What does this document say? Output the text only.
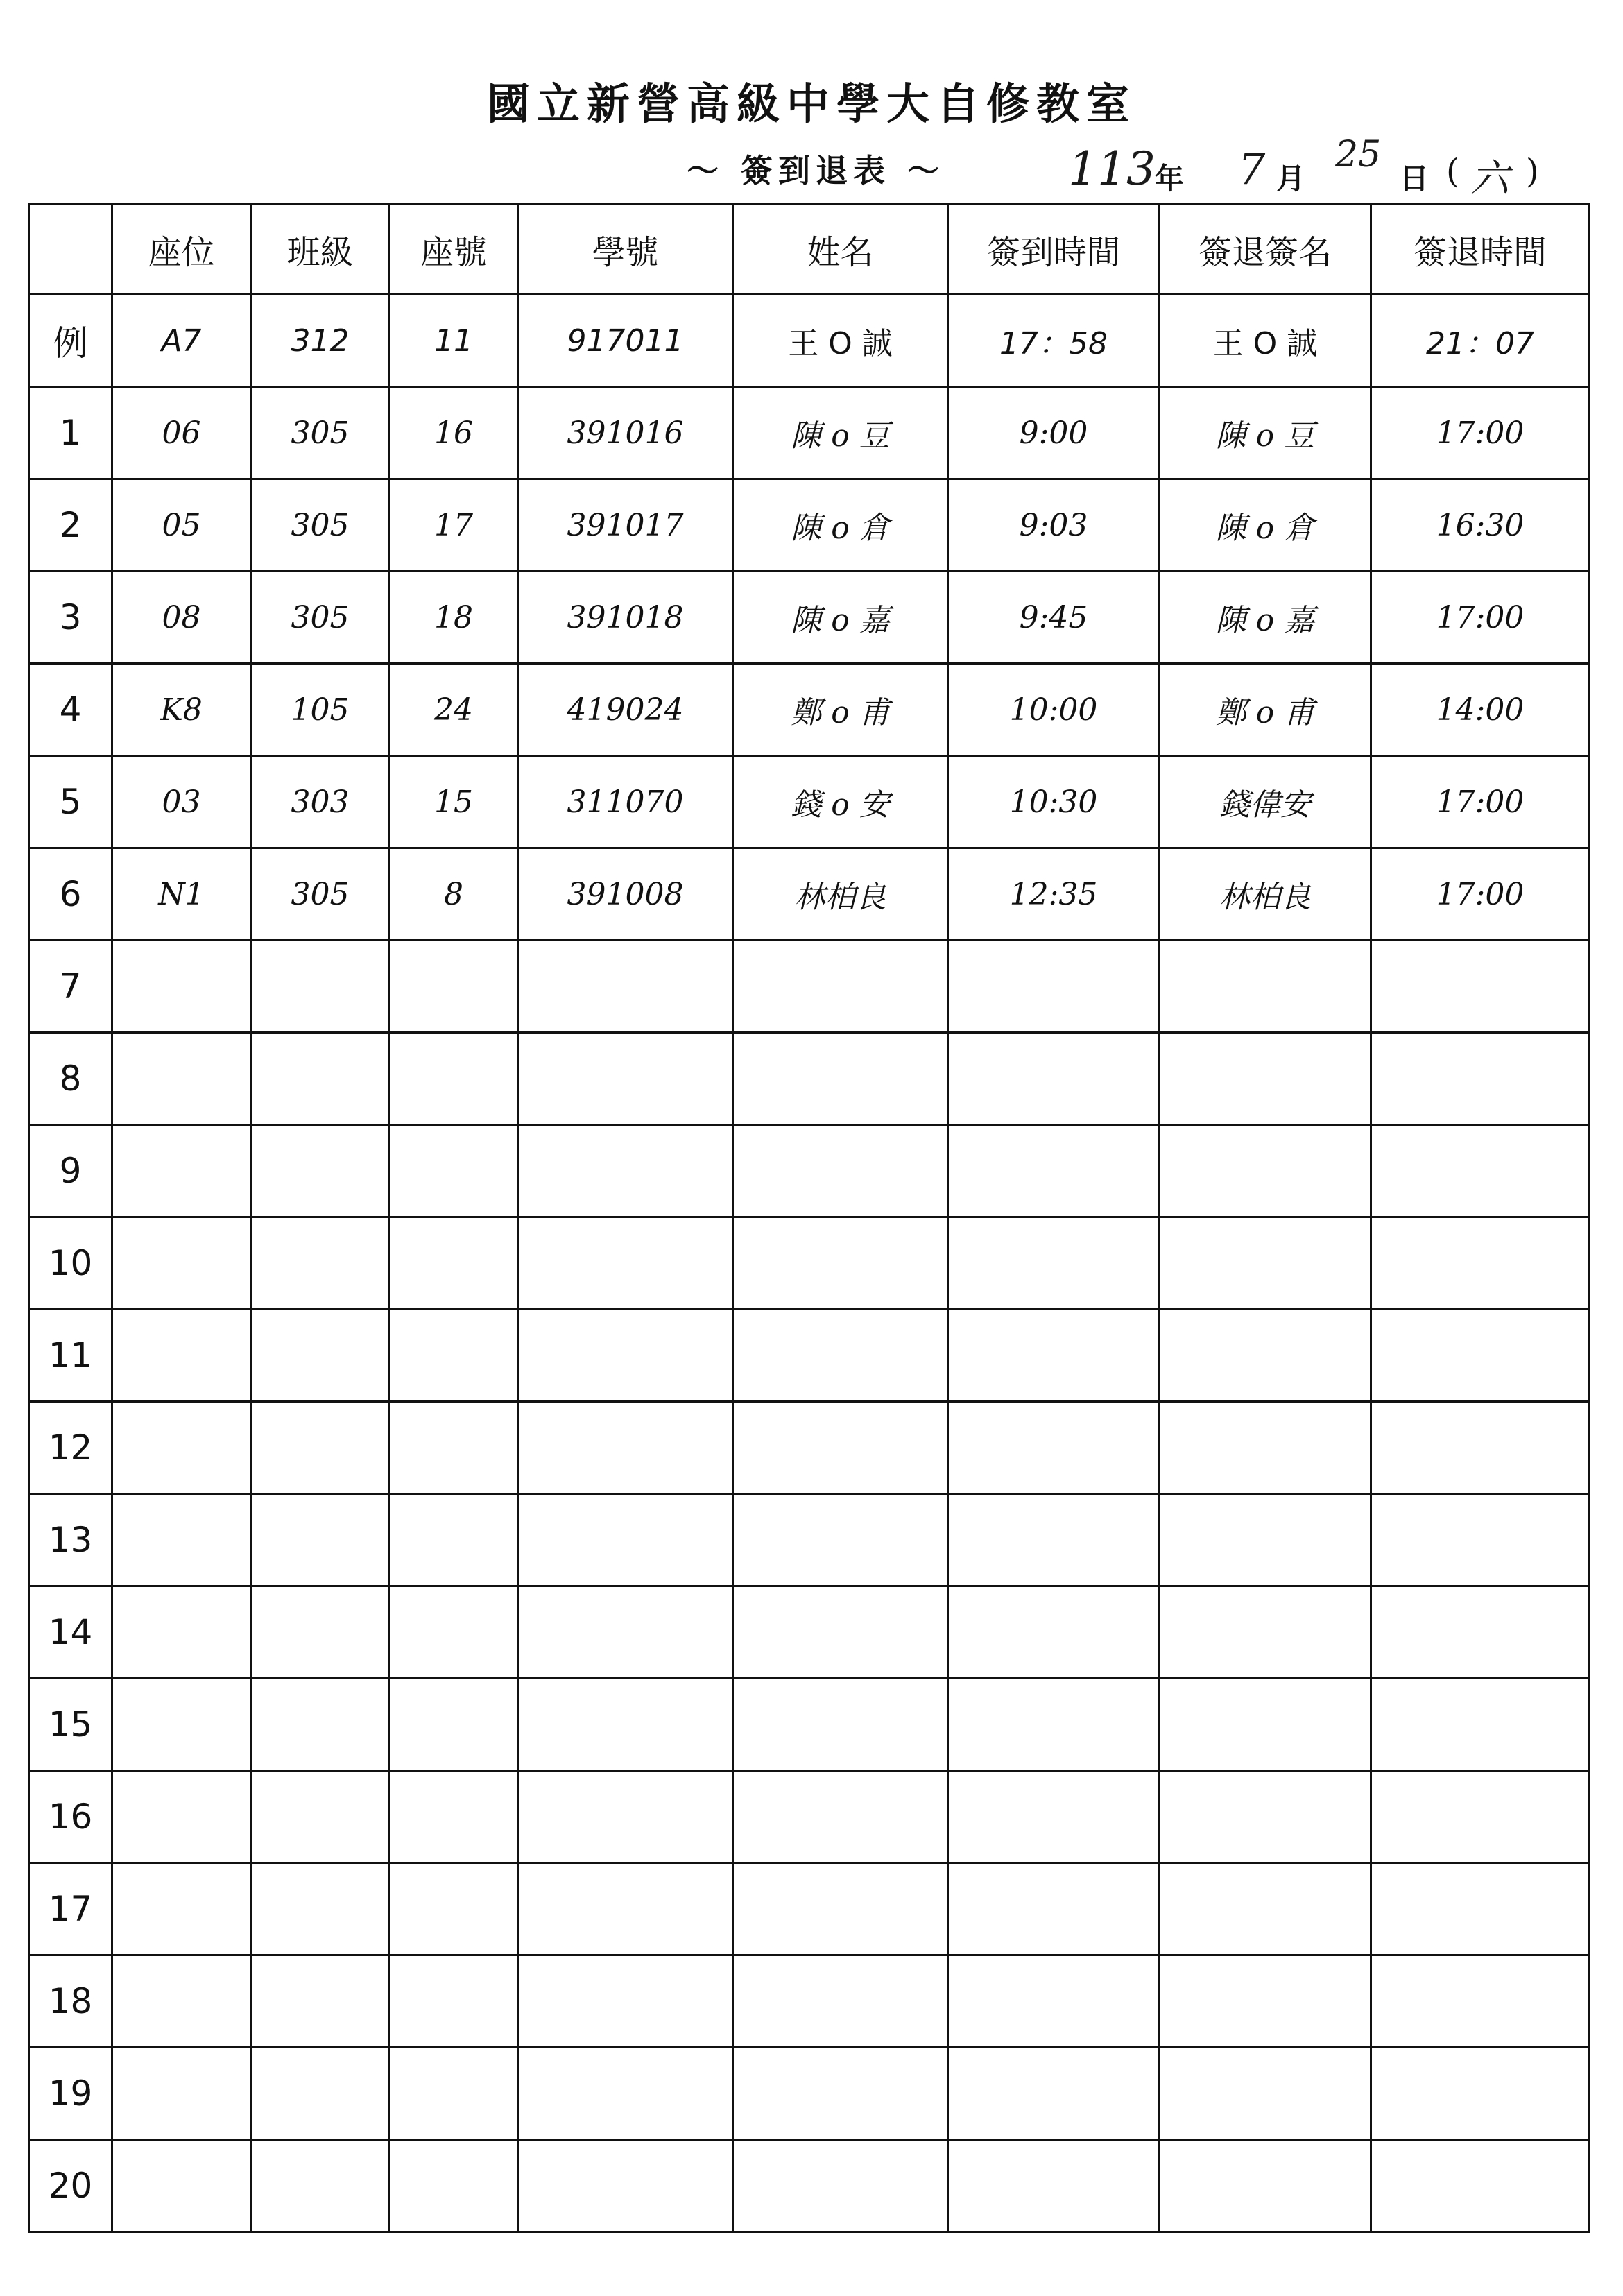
國立新營高級中學大自修教室
～ 簽到退表 ～	113 年 7 月
25
日 ( 六 )
	座位	班級	座號	學號	姓名	簽到時間	簽退簽名	簽退時間
例	A7	312	11	917011	王 O 誠	17：58	王 O 誠	21：07
1	06	305	16	391016	陳 o 豆	9:00	陳 o 豆	17:00
2	05	305	17	391017	陳 o 倉	9:03	陳 o 倉	16:30
3	08	305	18	391018	陳 o 嘉	9:45	陳 o 嘉	17:00
4	K8	105	24	419024	鄭 o 甫	10:00	鄭 o 甫	14:00
5	03	303	15	311070	錢 o 安	10:30	錢偉安	17:00
6	N1	305	8	391008	林柏良	12:35	林柏良	17:00
7								
8								
9								
10								
11								
12								
13								
14								
15								
16								
17								
18								
19								
20								
